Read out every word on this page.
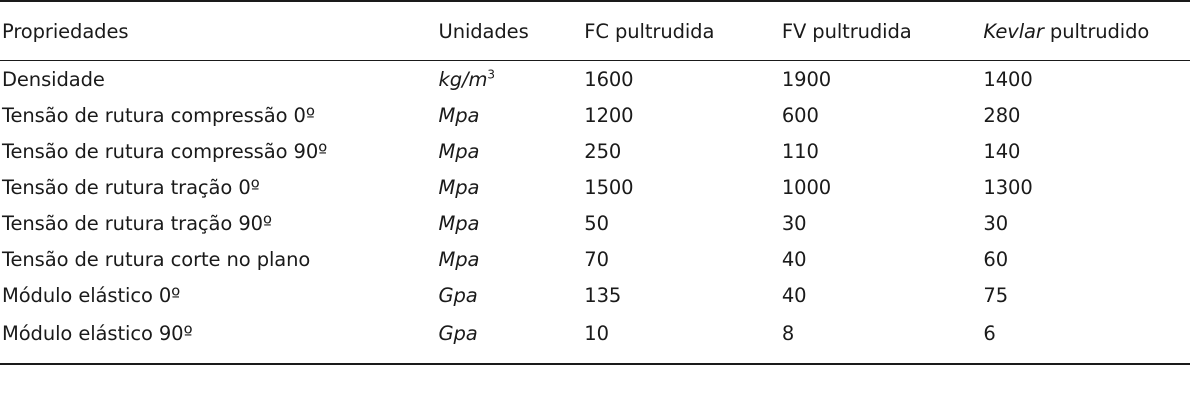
Propriedades	Unidades	FC pultrudida	FV pultrudida	Kevlar pultrudido
Densidade	$kg/m^3$	1600	1900	1400
Tensão de rutura compressão 0º	Mpa	1200	600	280
Tensão de rutura compressão 90º	Mpa	250	110	140
Tensão de rutura tração 0º	Mpa	1500	1000	1300
Tensão de rutura tração 90º	Mpa	50	30	30
Tensão de rutura corte no plano	Mpa	70	40	60
Módulo elástico 0º	Gpa	135	40	75
Módulo elástico 90º	Gpa	10	8	6
